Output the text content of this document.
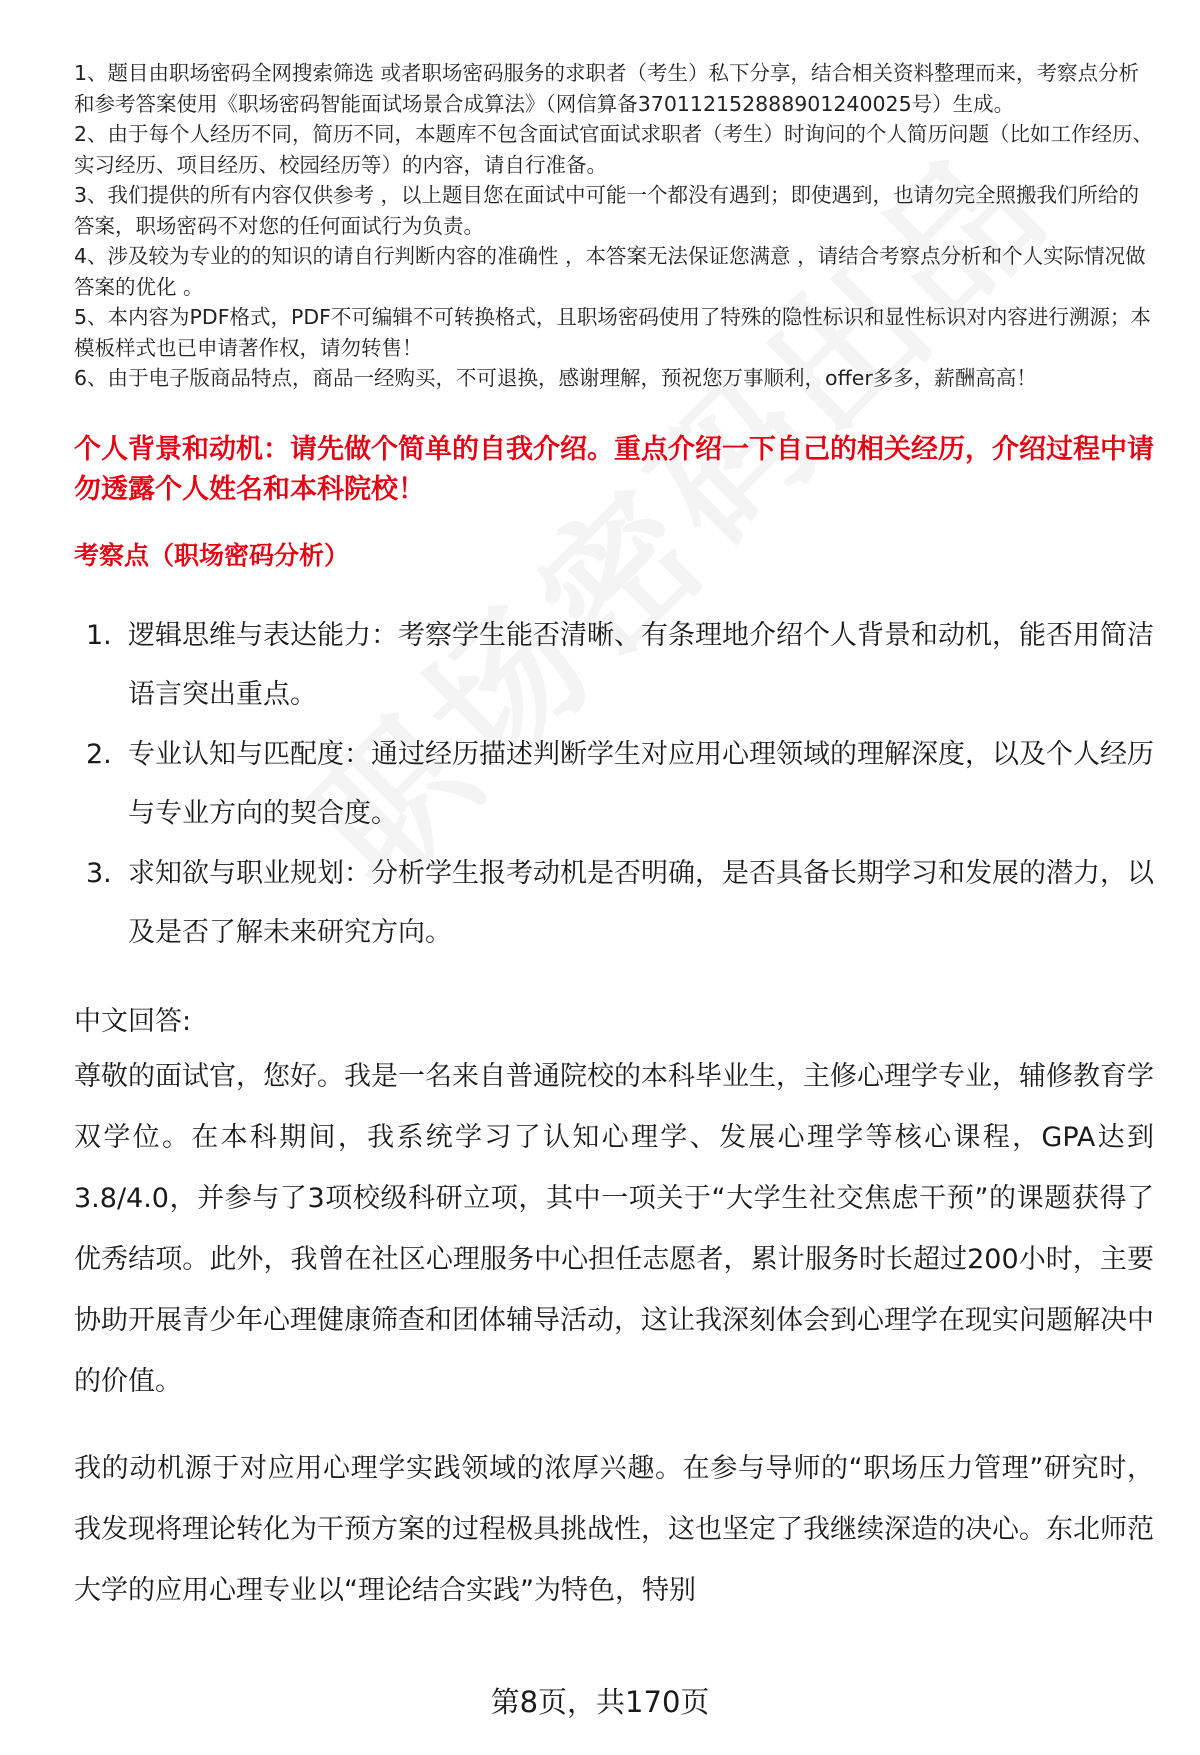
1、题目由职场密码全网搜索筛选 或者职场密码服务的求职者（考生）私下分享，结合相关资料整理而来，考察点分析和参考答案使用《职场密码智能面试场景合成算法》（网信算备370112152888901240025号）生成。

2、由于每个人经历不同，简历不同，本题库不包含面试官面试求职者（考生）时询问的个人简历问题（比如工作经历、实习经历、项目经历、校园经历等）的内容，请自行准备。

3、我们提供的所有内容仅供参考 ，以上题目您在面试中可能一个都没有遇到；即使遇到，也请勿完全照搬我们所给的答案，职场密码不对您的任何面试行为负责。

4、涉及较为专业的的知识的请自行判断内容的准确性 ，本答案无法保证您满意 ，请结合考察点分析和个人实际情况做答案的优化 。

5、本内容为PDF格式，PDF不可编辑不可转换格式，且职场密码使用了特殊的隐性标识和显性标识对内容进行溯源；本模板样式也已申请著作权，请勿转售！

6、由于电子版商品特点，商品一经购买，不可退换，感谢理解，预祝您万事顺利，offer多多，薪酬高高！

个人背景和动机：请先做个简单的自我介绍。重点介绍一下自己的相关经历，介绍过程中请勿透露个人姓名和本科院校！
考察点（职场密码分析）
1. 逻辑思维与表达能力：考察学生能否清晰、有条理地介绍个人背景和动机，能否用简洁语言突出重点。
2. 专业认知与匹配度：通过经历描述判断学生对应用心理领域的理解深度，以及个人经历与专业方向的契合度。
3. 求知欲与职业规划：分析学生报考动机是否明确，是否具备长期学习和发展的潜力，以及是否了解未来研究方向。
中文回答:

尊敬的面试官，您好。我是一名来自普通院校的本科毕业生，主修心理学专业，辅修教育学双学位。在本科期间，我系统学习了认知心理学、发展心理学等核心课程，GPA达到3.8/4.0，并参与了3项校级科研立项，其中一项关于“大学生社交焦虑干预”的课题获得了优秀结项。此外，我曾在社区心理服务中心担任志愿者，累计服务时长超过200小时，主要协助开展青少年心理健康筛查和团体辅导活动，这让我深刻体会到心理学在现实问题解决中的价值。

我的动机源于对应用心理学实践领域的浓厚兴趣。在参与导师的“职场压力管理”研究时，我发现将理论转化为干预方案的过程极具挑战性，这也坚定了我继续深造的决心。东北师范大学的应用心理专业以“理论结合实践”为特色，特别

第8页，共170页
